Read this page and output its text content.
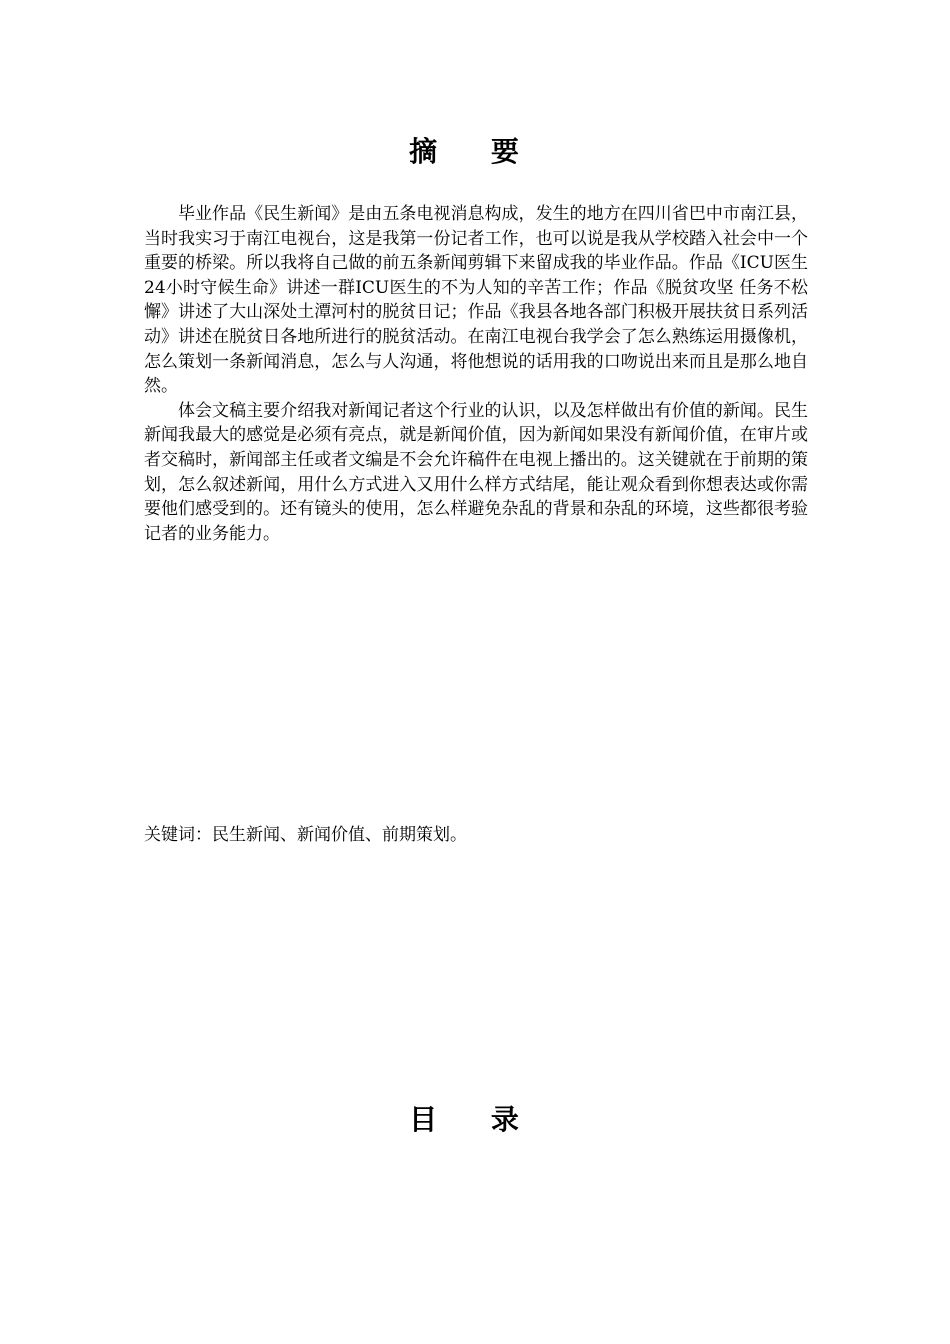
摘 要

毕业作品《民生新闻》是由五条电视消息构成，发生的地方在四川省巴中市南江县，当时我实习于南江电视台，这是我第一份记者工作，也可以说是我从学校踏入社会中一个重要的桥梁。所以我将自己做的前五条新闻剪辑下来留成我的毕业作品。作品《ICU医生24小时守候生命》讲述一群ICU医生的不为人知的辛苦工作；作品《脱贫攻坚 任务不松懈》讲述了大山深处土潭河村的脱贫日记；作品《我县各地各部门积极开展扶贫日系列活动》讲述在脱贫日各地所进行的脱贫活动。在南江电视台我学会了怎么熟练运用摄像机，怎么策划一条新闻消息，怎么与人沟通，将他想说的话用我的口吻说出来而且是那么地自然。

体会文稿主要介绍我对新闻记者这个行业的认识，以及怎样做出有价值的新闻。民生新闻我最大的感觉是必须有亮点，就是新闻价值，因为新闻如果没有新闻价值，在审片或者交稿时，新闻部主任或者文编是不会允许稿件在电视上播出的。这关键就在于前期的策划，怎么叙述新闻，用什么方式进入又用什么样方式结尾，能让观众看到你想表达或你需要他们感受到的。还有镜头的使用，怎么样避免杂乱的背景和杂乱的环境，这些都很考验记者的业务能力。

关键词：民生新闻、新闻价值、前期策划。
目 录
